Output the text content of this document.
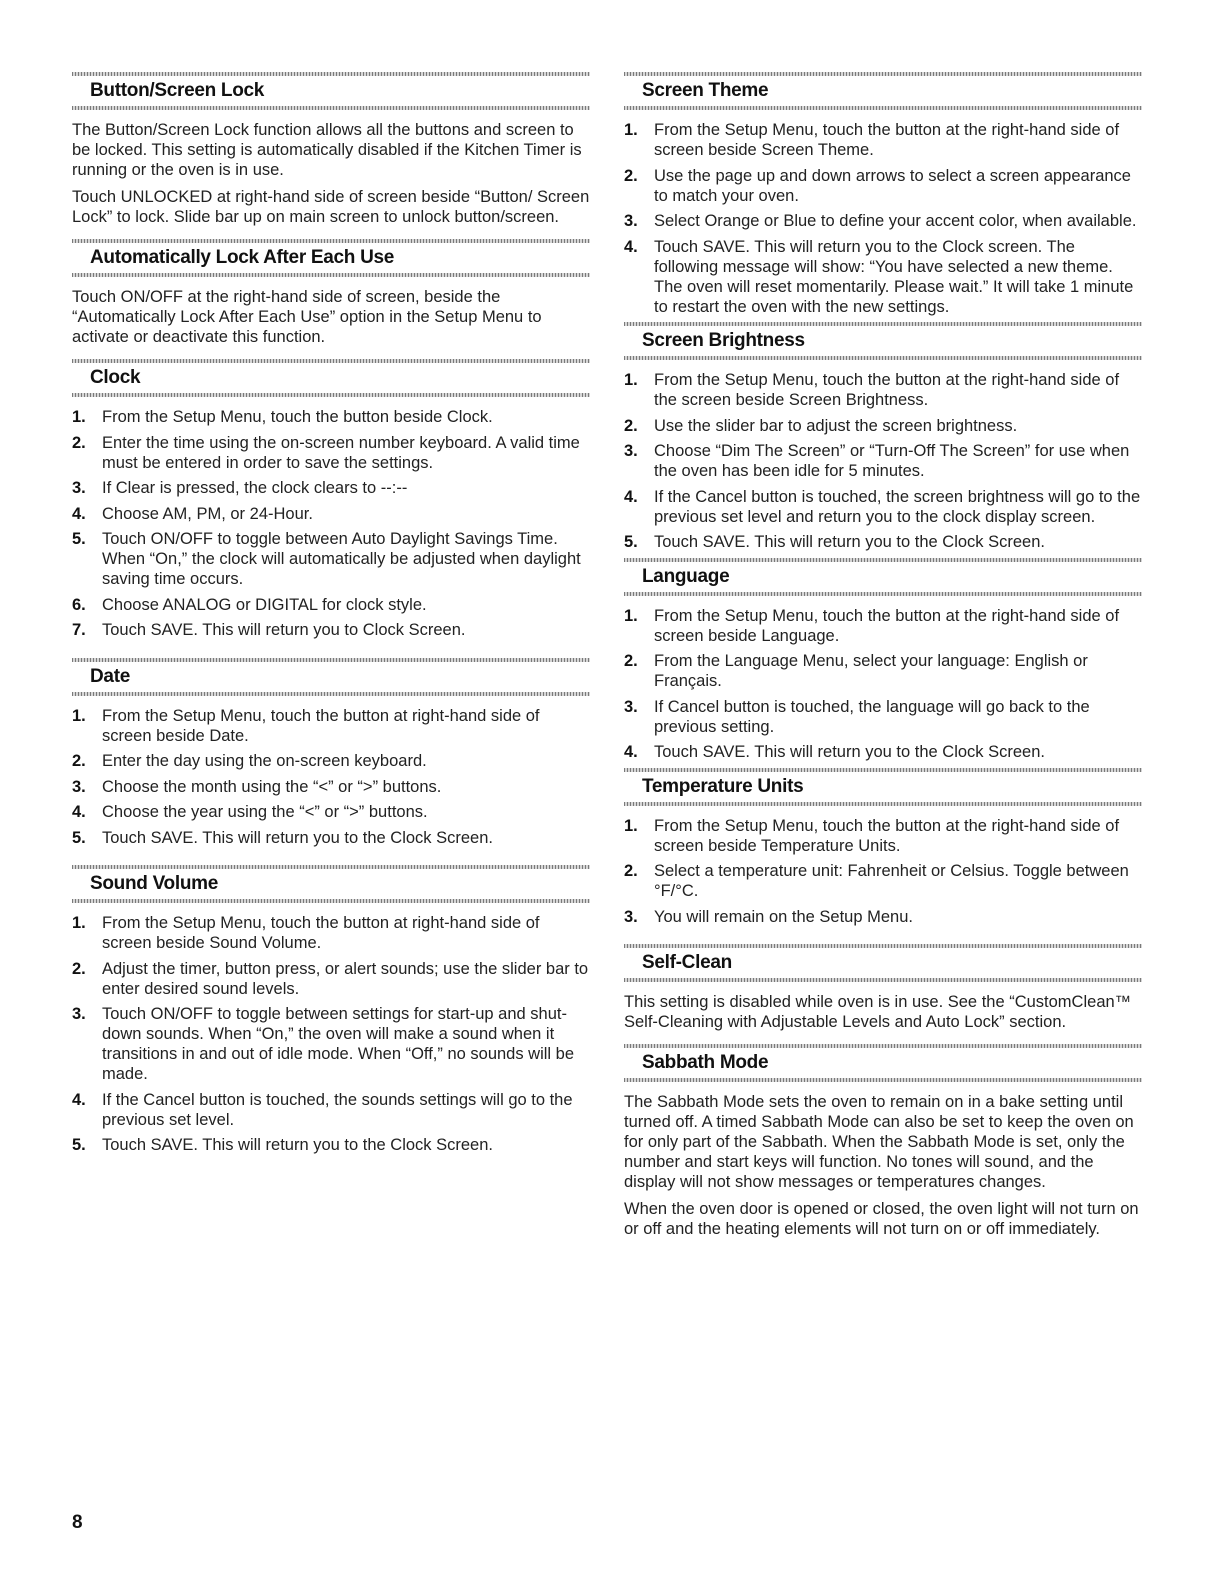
Button/Screen Lock

The Button/Screen Lock function allows all the buttons and screen to be locked. This setting is automatically disabled if the Kitchen Timer is running or the oven is in use.

Touch UNLOCKED at right-hand side of screen beside “Button/ Screen Lock” to lock. Slide bar up on main screen to unlock button/screen.

Automatically Lock After Each Use

Touch ON/OFF at the right-hand side of screen, beside the “Automatically Lock After Each Use” option in the Setup Menu to activate or deactivate this function.

Clock
1. From the Setup Menu, touch the button beside Clock.
2. Enter the time using the on-screen number keyboard. A valid time must be entered in order to save the settings.
3. If Clear is pressed, the clock clears to --:--
4. Choose AM, PM, or 24-Hour.
5. Touch ON/OFF to toggle between Auto Daylight Savings Time. When “On,” the clock will automatically be adjusted when daylight saving time occurs.
6. Choose ANALOG or DIGITAL for clock style.
7. Touch SAVE. This will return you to Clock Screen.
Date
1. From the Setup Menu, touch the button at right-hand side of screen beside Date.
2. Enter the day using the on-screen keyboard.
3. Choose the month using the “<” or “>” buttons.
4. Choose the year using the “<” or “>” buttons.
5. Touch SAVE. This will return you to the Clock Screen.
Sound Volume
1. From the Setup Menu, touch the button at right-hand side of screen beside Sound Volume.
2. Adjust the timer, button press, or alert sounds; use the slider bar to enter desired sound levels.
3. Touch ON/OFF to toggle between settings for start-up and shut-down sounds. When “On,” the oven will make a sound when it transitions in and out of idle mode. When “Off,” no sounds will be made.
4. If the Cancel button is touched, the sounds settings will go to the previous set level.
5. Touch SAVE. This will return you to the Clock Screen.
Screen Theme
1. From the Setup Menu, touch the button at the right-hand side of screen beside Screen Theme.
2. Use the page up and down arrows to select a screen appearance to match your oven.
3. Select Orange or Blue to define your accent color, when available.
4. Touch SAVE. This will return you to the Clock screen. The following message will show: “You have selected a new theme. The oven will reset momentarily. Please wait.” It will take 1 minute to restart the oven with the new settings.
Screen Brightness
1. From the Setup Menu, touch the button at the right-hand side of the screen beside Screen Brightness.
2. Use the slider bar to adjust the screen brightness.
3. Choose “Dim The Screen” or “Turn-Off The Screen” for use when the oven has been idle for 5 minutes.
4. If the Cancel button is touched, the screen brightness will go to the previous set level and return you to the clock display screen.
5. Touch SAVE. This will return you to the Clock Screen.
Language
1. From the Setup Menu, touch the button at the right-hand side of screen beside Language.
2. From the Language Menu, select your language: English or Français.
3. If Cancel button is touched, the language will go back to the previous setting.
4. Touch SAVE. This will return you to the Clock Screen.
Temperature Units
1. From the Setup Menu, touch the button at the right-hand side of screen beside Temperature Units.
2. Select a temperature unit: Fahrenheit or Celsius. Toggle between °F/°C.
3. You will remain on the Setup Menu.
Self-Clean

This setting is disabled while oven is in use. See the “CustomClean™ Self-Cleaning with Adjustable Levels and Auto Lock” section.

Sabbath Mode

The Sabbath Mode sets the oven to remain on in a bake setting until turned off. A timed Sabbath Mode can also be set to keep the oven on for only part of the Sabbath. When the Sabbath Mode is set, only the number and start keys will function. No tones will sound, and the display will not show messages or temperatures changes.

When the oven door is opened or closed, the oven light will not turn on or off and the heating elements will not turn on or off immediately.

8
